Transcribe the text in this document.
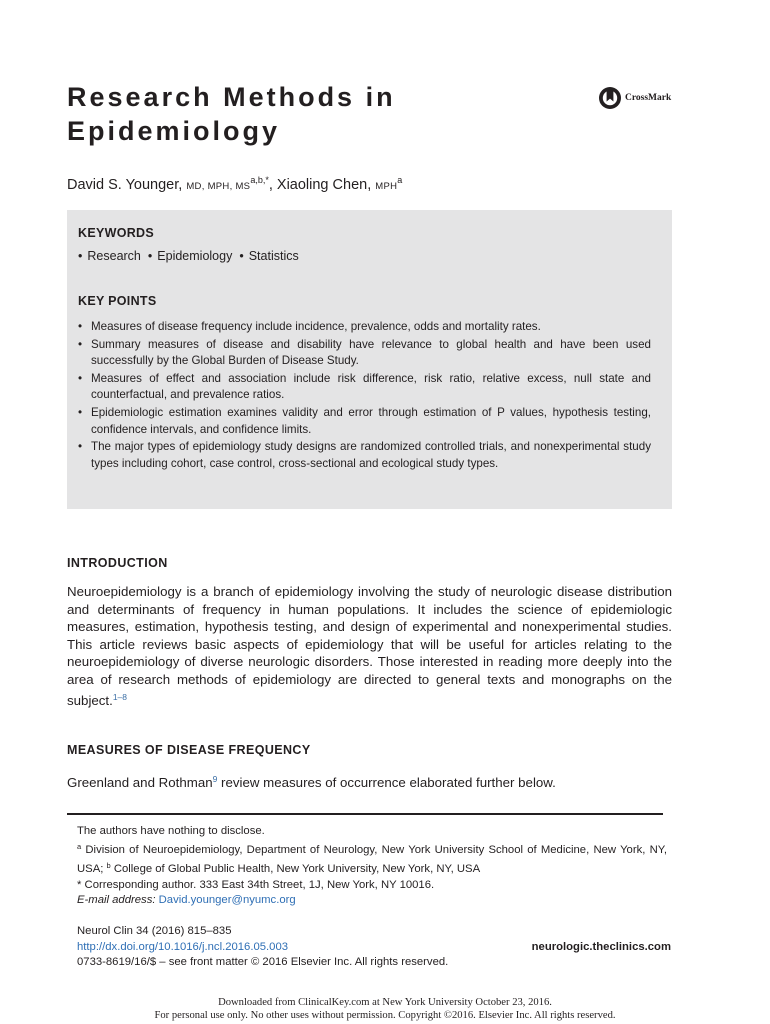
Research Methods in
Epidemiology
CrossMark
David S. Younger, MD, MPH, $MS^{a,b,*}$, Xiaoling Chen, MPH$^a$
KEYWORDS
• Research	• Epidemiology	• Statistics
KEY POINTS
• Measures of disease frequency include incidence, prevalence, odds and mortality rates.
• Summary measures of disease and disability have relevance to global health and have been used successfully by the Global Burden of Disease Study.
• Measures of effect and association include risk difference, risk ratio, relative excess, null state and counterfactual, and prevalence ratios.
• Epidemiologic estimation examines validity and error through estimation of P values, hypothesis testing, confidence intervals, and confidence limits.
• The major types of epidemiology study designs are randomized controlled trials, and nonexperimental study types including cohort, case control, cross-sectional and ecological study types.
INTRODUCTION

Neuroepidemiology is a branch of epidemiology involving the study of neurologic disease distribution and determinants of frequency in human populations. It includes the science of epidemiologic measures, estimation, hypothesis testing, and design of experimental and nonexperimental studies. This article reviews basic aspects of epidemiology that will be useful for articles relating to the neuroepidemiology of diverse neurologic disorders. Those interested in reading more deeply into the area of research methods of epidemiology are directed to general texts and monographs on the subject.$^{1-8}$

MEASURES OF DISEASE FREQUENCY

Greenland and Rothman$^9$ review measures of occurrence elaborated further below.

The authors have nothing to disclose.

$^a$ Division of Neuroepidemiology, Department of Neurology, New York University School of Medicine, New York, NY, USA; $^b$ College of Global Public Health, New York University, New York, NY, USA

* Corresponding author. 333 East 34th Street, 1J, New York, NY 10016.

E-mail address: David.younger@nyumc.org

Neurol Clin 34 (2016) 815–835

http://dx.doi.org/10.1016/j.ncl.2016.05.003

0733-8619/16/$ – see front matter © 2016 Elsevier Inc. All rights reserved.

neurologic.theclinics.com

Downloaded from ClinicalKey.com at New York University October 23, 2016.

For personal use only. No other uses without permission. Copyright ©2016. Elsevier Inc. All rights reserved.
